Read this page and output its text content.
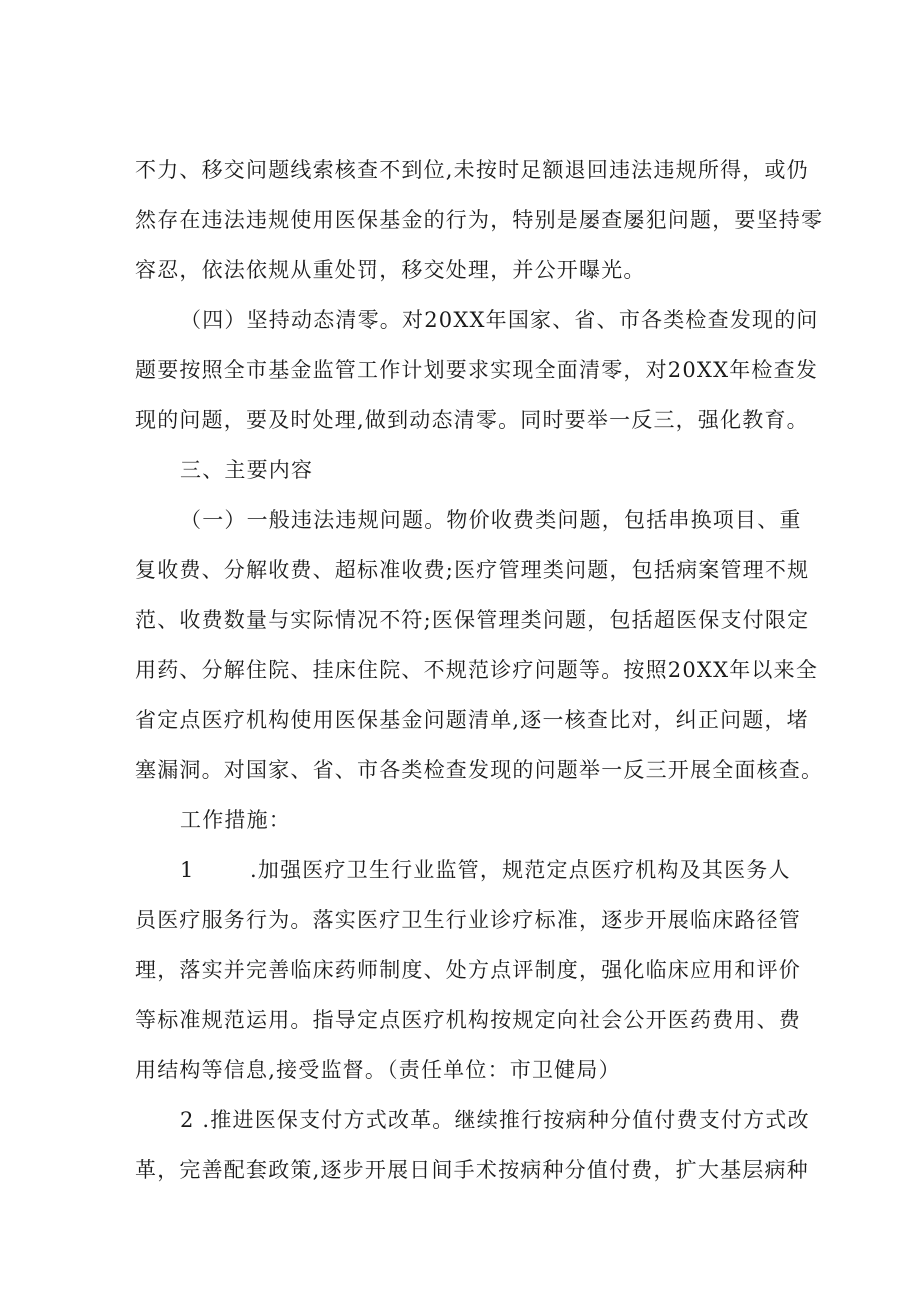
不力、移交问题线索核查不到位,未按时足额退回违法违规所得，或仍
然存在违法违规使用医保基金的行为，特别是屡查屡犯问题，要坚持零
容忍，依法依规从重处罚，移交处理，并公开曝光。
（四）坚持动态清零。对20XX年国家、省、市各类检查发现的问
题要按照全市基金监管工作计划要求实现全面清零，对20XX年检查发
现的问题，要及时处理,做到动态清零。同时要举一反三，强化教育。
三、主要内容
（一）一般违法违规问题。物价收费类问题，包括串换项目、重
复收费、分解收费、超标准收费;医疗管理类问题，包括病案管理不规
范、收费数量与实际情况不符;医保管理类问题，包括超医保支付限定
用药、分解住院、挂床住院、不规范诊疗问题等。按照20XX年以来全
省定点医疗机构使用医保基金问题清单,逐一核查比对，纠正问题，堵
塞漏洞。对国家、省、市各类检查发现的问题举一反三开展全面核查。
工作措施：
1	.加强医疗卫生行业监管，规范定点医疗机构及其医务人
员医疗服务行为。落实医疗卫生行业诊疗标准，逐步开展临床路径管
理，落实并完善临床药师制度、处方点评制度，强化临床应用和评价
等标准规范运用。指导定点医疗机构按规定向社会公开医药费用、费
用结构等信息,接受监督。（责任单位：市卫健局）
2 .推进医保支付方式改革。继续推行按病种分值付费支付方式改
革，完善配套政策,逐步开展日间手术按病种分值付费，扩大基层病种
